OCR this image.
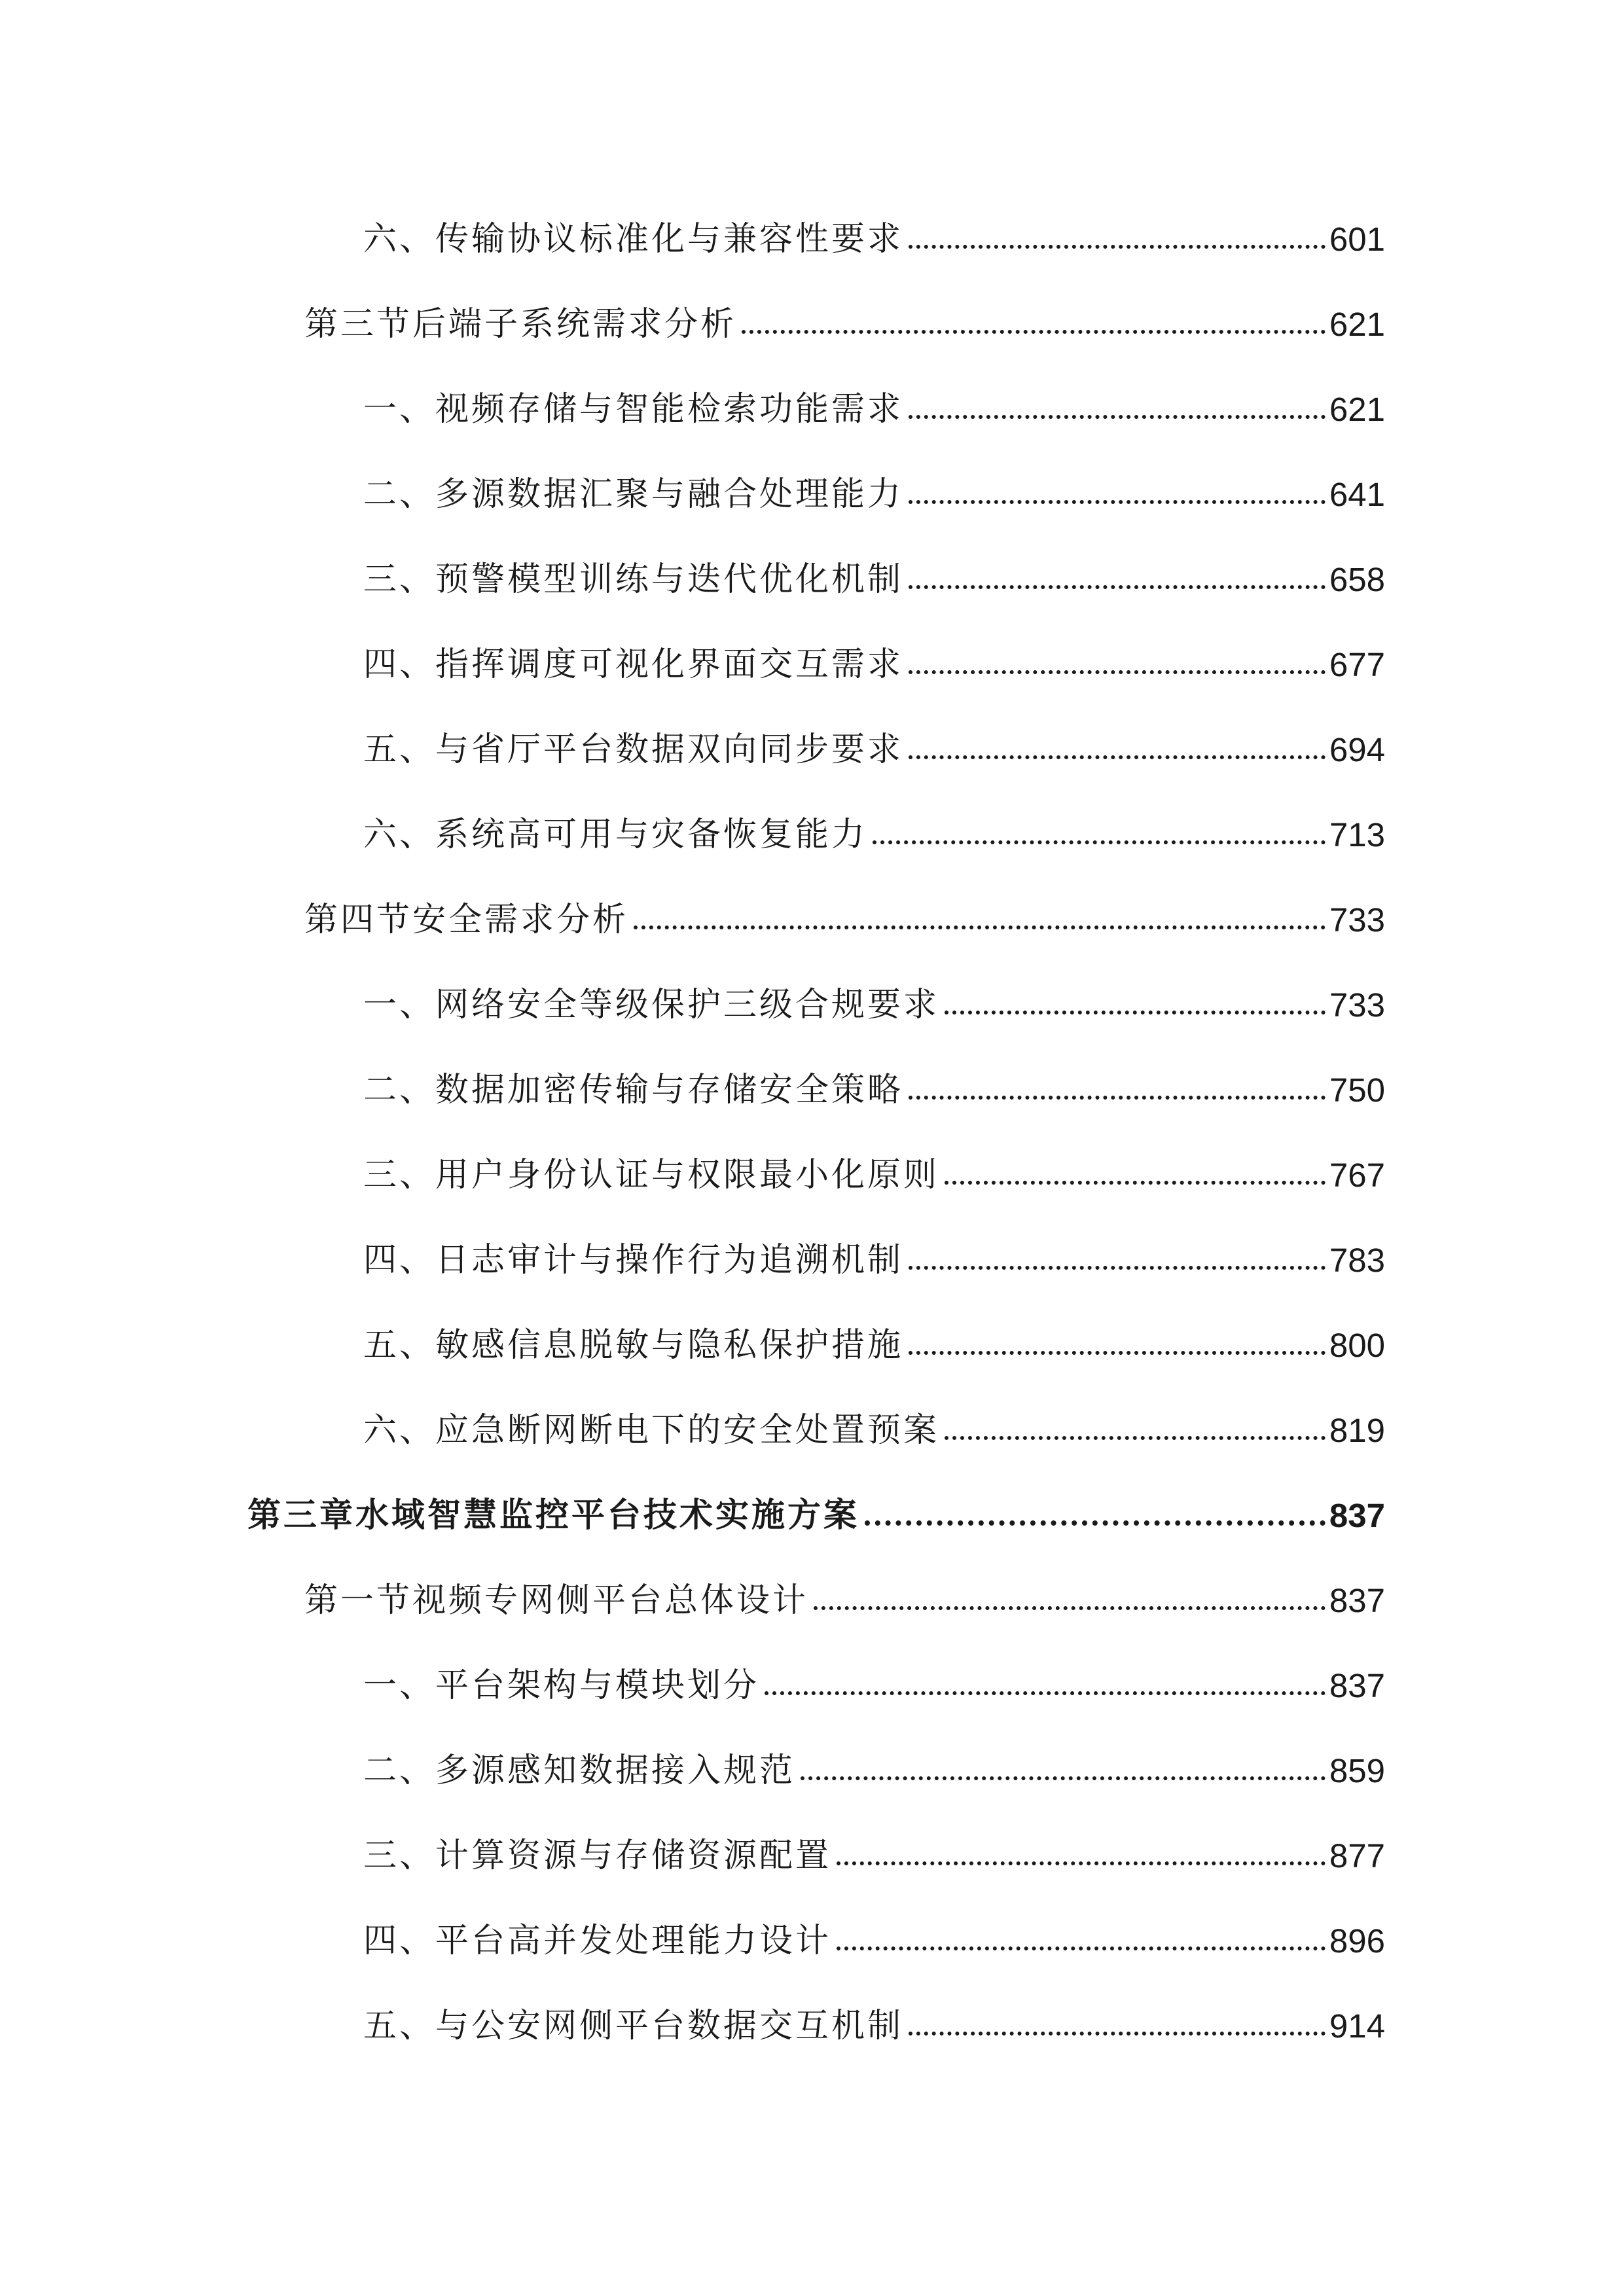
六、传输协议标准化与兼容性要求	601
第三节后端子系统需求分析	621
一、视频存储与智能检索功能需求	621
二、多源数据汇聚与融合处理能力	641
三、预警模型训练与迭代优化机制	658
四、指挥调度可视化界面交互需求	677
五、与省厅平台数据双向同步要求	694
六、系统高可用与灾备恢复能力	713
第四节安全需求分析	733
一、网络安全等级保护三级合规要求	733
二、数据加密传输与存储安全策略	750
三、用户身份认证与权限最小化原则	767
四、日志审计与操作行为追溯机制	783
五、敏感信息脱敏与隐私保护措施	800
六、应急断网断电下的安全处置预案	819
第三章水域智慧监控平台技术实施方案	837
第一节视频专网侧平台总体设计	837
一、平台架构与模块划分	837
二、多源感知数据接入规范	859
三、计算资源与存储资源配置	877
四、平台高并发处理能力设计	896
五、与公安网侧平台数据交互机制	914
